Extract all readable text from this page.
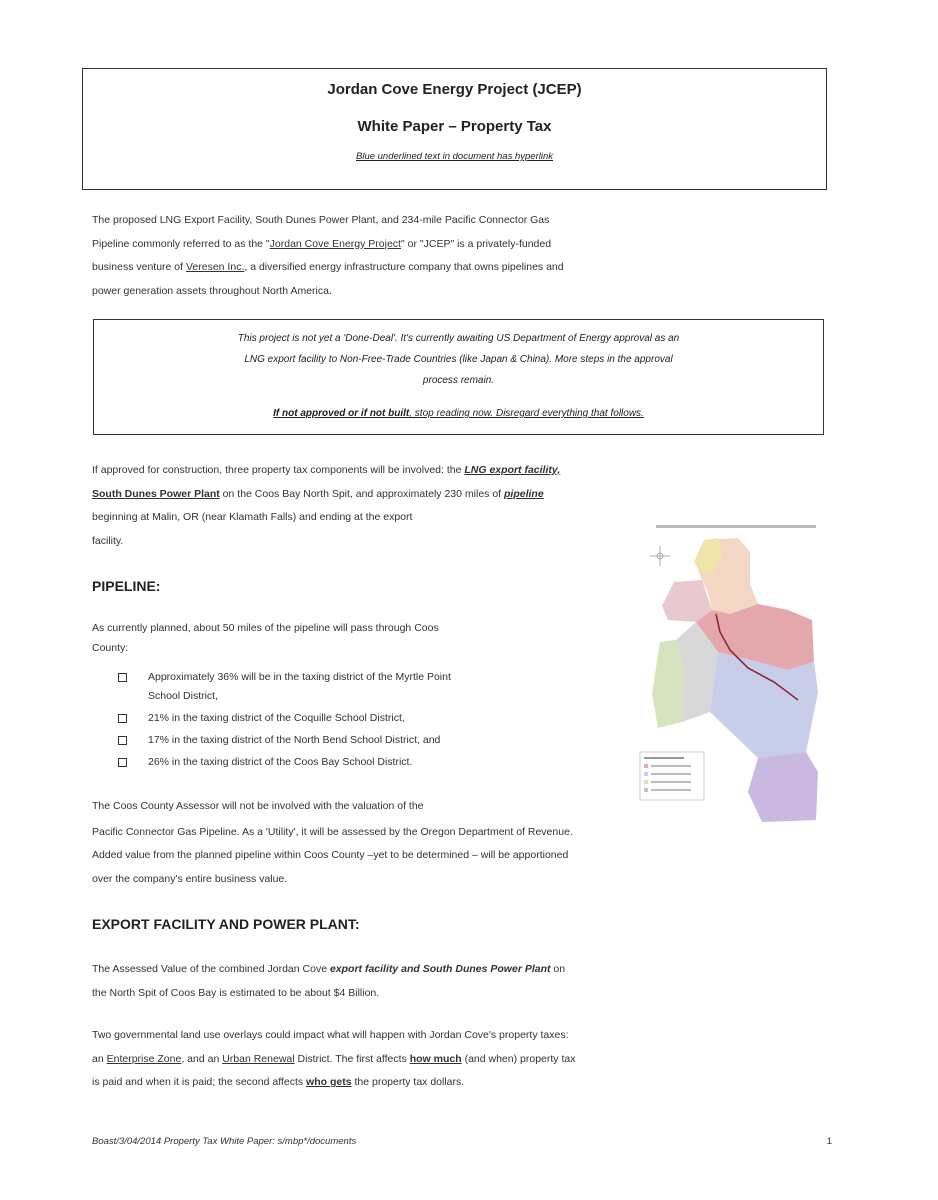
Jordan Cove Energy Project (JCEP)
White Paper – Property Tax
Blue underlined text in document has hyperlink
The proposed LNG Export Facility, South Dunes Power Plant, and 234-mile Pacific Connector Gas
Pipeline commonly referred to as the "Jordan Cove Energy Project" or "JCEP" is a privately-funded
business venture of Veresen Inc., a diversified energy infrastructure company that owns pipelines and
power generation assets throughout North America.
This project is not yet a 'Done-Deal'. It's currently awaiting US Department of Energy approval as an
LNG export facility to Non-Free-Trade Countries (like Japan & China). More steps in the approval
process remain.
If not approved or if not built, stop reading now. Disregard everything that follows.
If approved for construction, three property tax components will be involved: the LNG export facility,
South Dunes Power Plant on the Coos Bay North Spit, and approximately 230 miles of pipeline
beginning at Malin, OR (near Klamath Falls) and ending at the export
facility.
PIPELINE:
As currently planned, about 50 miles of the pipeline will pass through Coos
County:
Approximately 36% will be in the taxing district of the Myrtle Point
School District,
21% in the taxing district of the Coquille School District,
17% in the taxing district of the North Bend School District, and
26% in the taxing district of the Coos Bay School District.
The Coos County Assessor will not be involved with the valuation of the
Pacific Connector Gas Pipeline. As a 'Utility', it will be assessed by the Oregon Department of Revenue.
Added value from the planned pipeline within Coos County –yet to be determined – will be apportioned
over the company's entire business value.
EXPORT FACILITY AND POWER PLANT:
The Assessed Value of the combined Jordan Cove export facility and South Dunes Power Plant on
the North Spit of Coos Bay is estimated to be about $4 Billion.
Two governmental land use overlays could impact what will happen with Jordan Cove's property taxes:
an Enterprise Zone, and an Urban Renewal District. The first affects how much (and when) property tax
is paid and when it is paid; the second affects who gets the property tax dollars.
Boast/3/04/2014 Property Tax White Paper: s/mbp*/documents	1
